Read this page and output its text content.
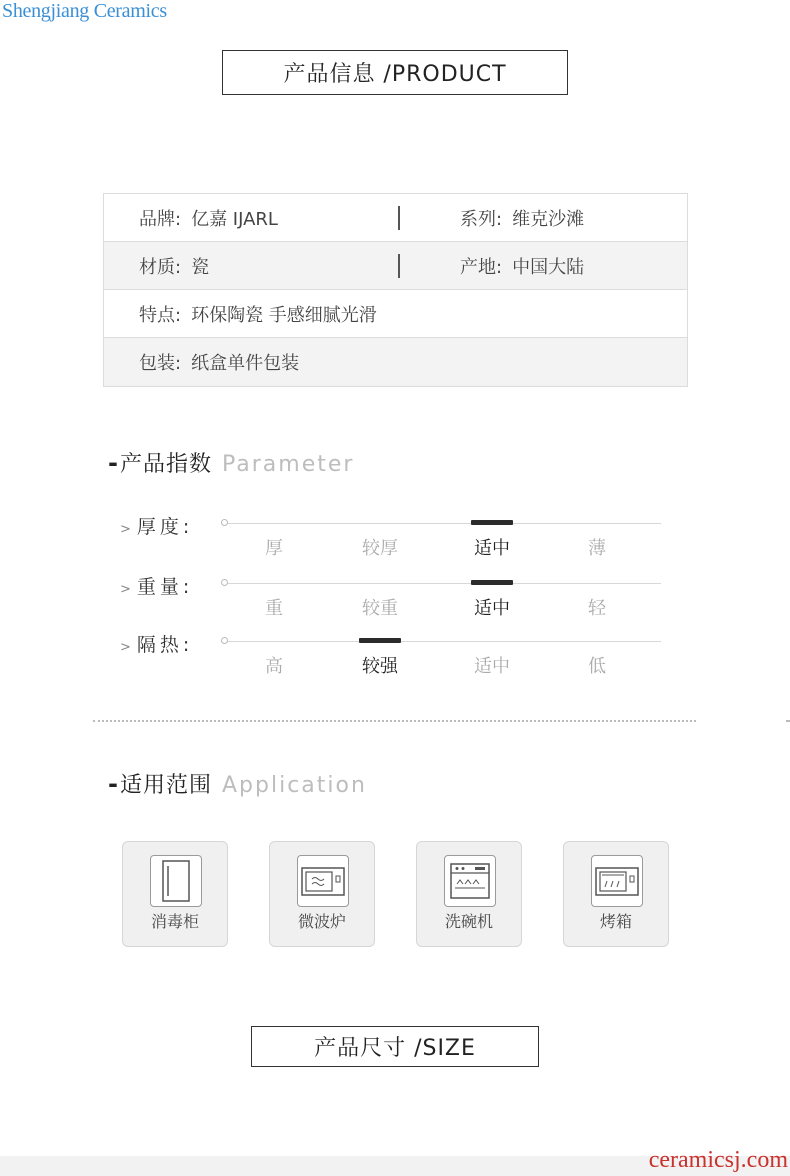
Shengjiang Ceramics
产品信息 /PRODUCT
品牌: 亿嘉 IJARL	系列: 维克沙滩
材质: 瓷	产地: 中国大陆
特点: 环保陶瓷 手感细腻光滑
包装: 纸盒单件包装
- 产品指数 Parameter
> 厚度:
厚	较厚	适中	薄
> 重量:
重	较重	适中	轻
> 隔热:
高	较强	适中	低
- 适用范围 Application
消毒柜	微波炉	洗碗机	烤箱
产品尺寸 /SIZE
ceramicsj.com
